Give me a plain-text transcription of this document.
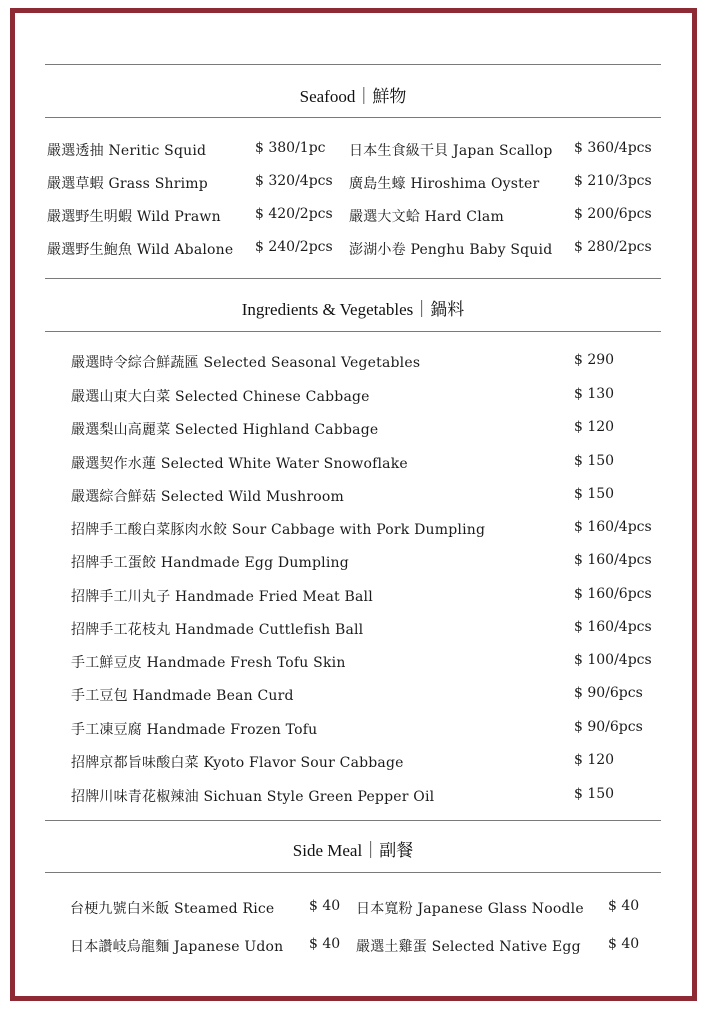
Seafood｜鮮物
嚴選透抽 Neritic Squid	$ 380/1pc 日本生食級干貝 Japan Scallop $ 360/4pcs
嚴選草蝦 Grass Shrimp	$ 320/4pcs 廣島生蠔 Hiroshima Oyster $ 210/3pcs
嚴選野生明蝦 Wild Prawn $ 420/2pcs 嚴選大文蛤 Hard Clam	$ 200/6pcs
嚴選野生鮑魚 Wild Abalone $ 240/2pcs 澎湖小卷 Penghu Baby Squid $ 280/2pcs
Ingredients & Vegetables｜鍋料
嚴選時令綜合鮮蔬匯 Selected Seasonal Vegetables	$ 290
嚴選山東大白菜 Selected Chinese Cabbage	$ 130
嚴選梨山高麗菜 Selected Highland Cabbage	$ 120
嚴選契作水蓮 Selected White Water Snowoflake	$ 150
嚴選綜合鮮菇 Selected Wild Mushroom	$ 150
招牌手工酸白菜豚肉水餃 Sour Cabbage with Pork Dumpling	$ 160/4pcs
招牌手工蛋餃 Handmade Egg Dumpling	$ 160/4pcs
招牌手工川丸子 Handmade Fried Meat Ball	$ 160/6pcs
招牌手工花枝丸 Handmade Cuttlefish Ball	$ 160/4pcs
手工鮮豆皮 Handmade Fresh Tofu Skin	$ 100/4pcs
手工豆包 Handmade Bean Curd	$ 90/6pcs
手工凍豆腐 Handmade Frozen Tofu	$ 90/6pcs
招牌京都旨味酸白菜 Kyoto Flavor Sour Cabbage	$ 120
招牌川味青花椒辣油 Sichuan Style Green Pepper Oil	$ 150
Side Meal｜副餐
台梗九號白米飯 Steamed Rice $ 40 日本寬粉 Japanese Glass Noodle $ 40
日本讚岐烏龍麵 Japanese Udon $ 40 嚴選土雞蛋 Selected Native Egg $ 40
